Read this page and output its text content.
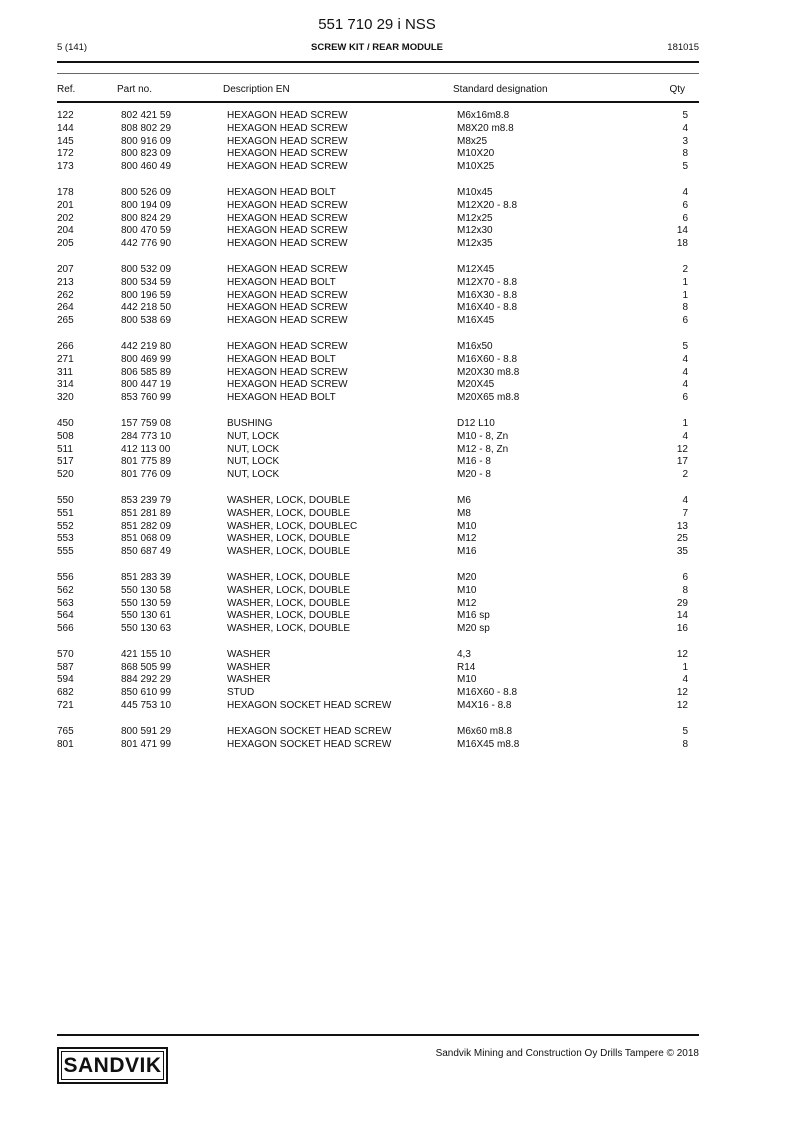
551 710 29 i NSS
5 (141)	SCREW KIT / REAR MODULE	181015
Ref.	Part no.	Description EN	Standard designation	Qty
122	802 421 59	HEXAGON HEAD SCREW	M6x16m8.8	5
144	808 802 29	HEXAGON HEAD SCREW	M8X20 m8.8	4
145	800 916 09	HEXAGON HEAD SCREW	M8x25	3
172	800 823 09	HEXAGON HEAD SCREW	M10X20	8
173	800 460 49	HEXAGON HEAD SCREW	M10X25	5
178	800 526 09	HEXAGON HEAD BOLT	M10x45	4
201	800 194 09	HEXAGON HEAD SCREW	M12X20 - 8.8	6
202	800 824 29	HEXAGON HEAD SCREW	M12x25	6
204	800 470 59	HEXAGON HEAD SCREW	M12x30	14
205	442 776 90	HEXAGON HEAD SCREW	M12x35	18
207	800 532 09	HEXAGON HEAD SCREW	M12X45	2
213	800 534 59	HEXAGON HEAD BOLT	M12X70 - 8.8	1
262	800 196 59	HEXAGON HEAD SCREW	M16X30 - 8.8	1
264	442 218 50	HEXAGON HEAD SCREW	M16X40 - 8.8	8
265	800 538 69	HEXAGON HEAD SCREW	M16X45	6
266	442 219 80	HEXAGON HEAD SCREW	M16x50	5
271	800 469 99	HEXAGON HEAD BOLT	M16X60 - 8.8	4
311	806 585 89	HEXAGON HEAD SCREW	M20X30 m8.8	4
314	800 447 19	HEXAGON HEAD SCREW	M20X45	4
320	853 760 99	HEXAGON HEAD BOLT	M20X65 m8.8	6
450	157 759 08	BUSHING	D12 L10	1
508	284 773 10	NUT, LOCK	M10 - 8, Zn	4
511	412 113 00	NUT, LOCK	M12 - 8, Zn	12
517	801 775 89	NUT, LOCK	M16 - 8	17
520	801 776 09	NUT, LOCK	M20 - 8	2
550	853 239 79	WASHER, LOCK, DOUBLE	M6	4
551	851 281 89	WASHER, LOCK, DOUBLE	M8	7
552	851 282 09	WASHER, LOCK, DOUBLEC	M10	13
553	851 068 09	WASHER, LOCK, DOUBLE	M12	25
555	850 687 49	WASHER, LOCK, DOUBLE	M16	35
556	851 283 39	WASHER, LOCK, DOUBLE	M20	6
562	550 130 58	WASHER, LOCK, DOUBLE	M10	8
563	550 130 59	WASHER, LOCK, DOUBLE	M12	29
564	550 130 61	WASHER, LOCK, DOUBLE	M16 sp	14
566	550 130 63	WASHER, LOCK, DOUBLE	M20 sp	16
570	421 155 10	WASHER	4,3	12
587	868 505 99	WASHER	R14	1
594	884 292 29	WASHER	M10	4
682	850 610 99	STUD	M16X60 - 8.8	12
721	445 753 10	HEXAGON SOCKET HEAD SCREW	M4X16 - 8.8	12
765	800 591 29	HEXAGON SOCKET HEAD SCREW	M6x60 m8.8	5
801	801 471 99	HEXAGON SOCKET HEAD SCREW	M16X45 m8.8	8
SANDVIK
Sandvik Mining and Construction Oy Drills Tampere © 2018
